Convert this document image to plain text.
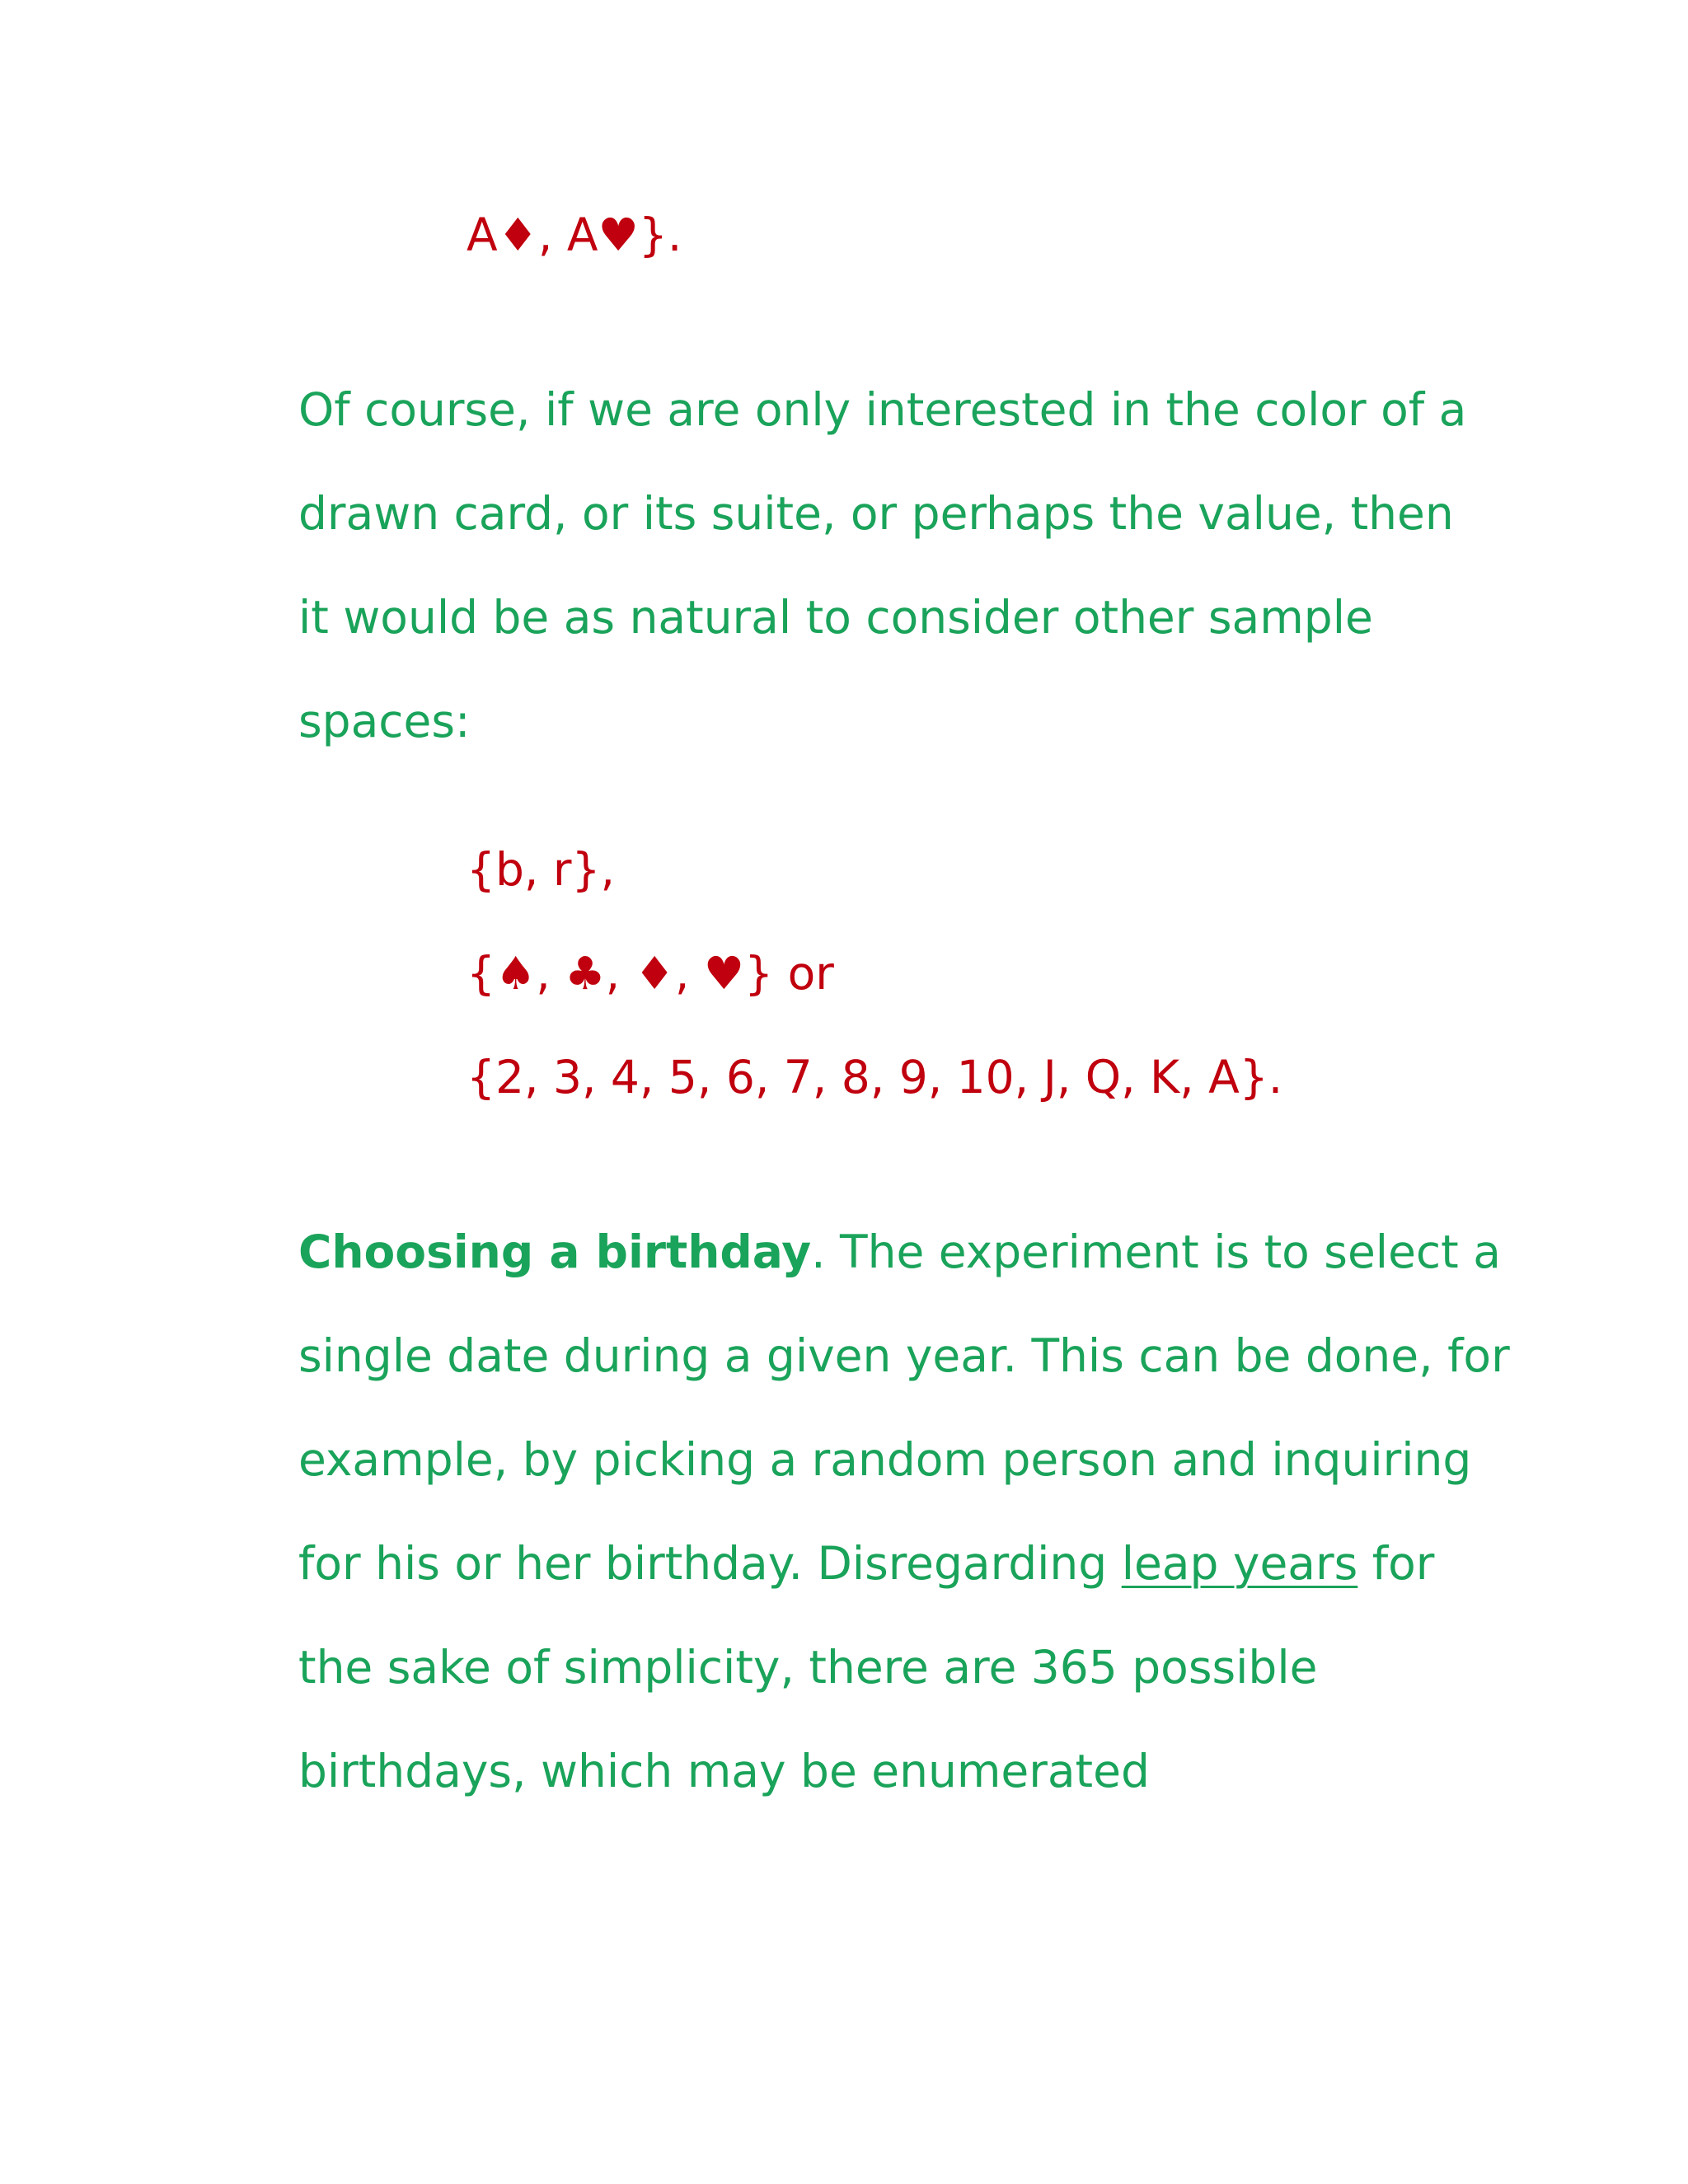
A♦, A♥}.
Of course, if we are only interested in the color of a
drawn card, or its suite, or perhaps the value, then
it would be as natural to consider other sample
spaces:
{b, r},
{♠, ♣, ♦, ♥} or
{2, 3, 4, 5, 6, 7, 8, 9, 10, J, Q, K, A}.
Choosing a birthday. The experiment is to select a
single date during a given year. This can be done, for
example, by picking a random person and inquiring
for his or her birthday. Disregarding leap years for
the sake of simplicity, there are 365 possible
birthdays, which may be enumerated
